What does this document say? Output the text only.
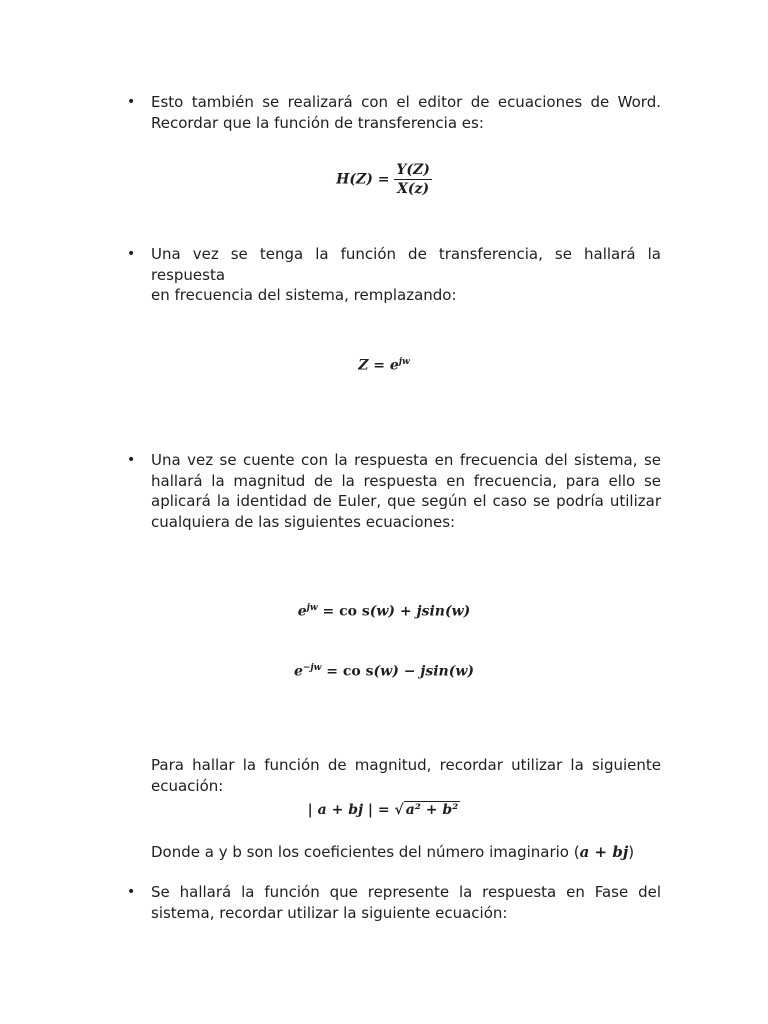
• Esto también se realizará con el editor de ecuaciones de Word.
Recordar que la función de transferencia es:
$H(Z) = \frac{Y(Z)}{X(z)}$
• Una vez se tenga la función de transferencia, se hallará la respuesta
en frecuencia del sistema, remplazando:
$Z = e^{jw}$
• Una vez se cuente con la respuesta en frecuencia del sistema, se
hallará la magnitud de la respuesta en frecuencia, para ello se
aplicará la identidad de Euler, que según el caso se podría utilizar
cualquiera de las siguientes ecuaciones:
$e^{jw}$ = co s(w) + jsin(w)
$e^{-jw}$ = co s(w) − jsin(w)
Para hallar la función de magnitud, recordar utilizar la siguiente
ecuación:
| a + bj | = √ a² + b²
Donde a y b son los coeficientes del número imaginario (a + bj)
• Se hallará la función que represente la respuesta en Fase del
sistema, recordar utilizar la siguiente ecuación:
